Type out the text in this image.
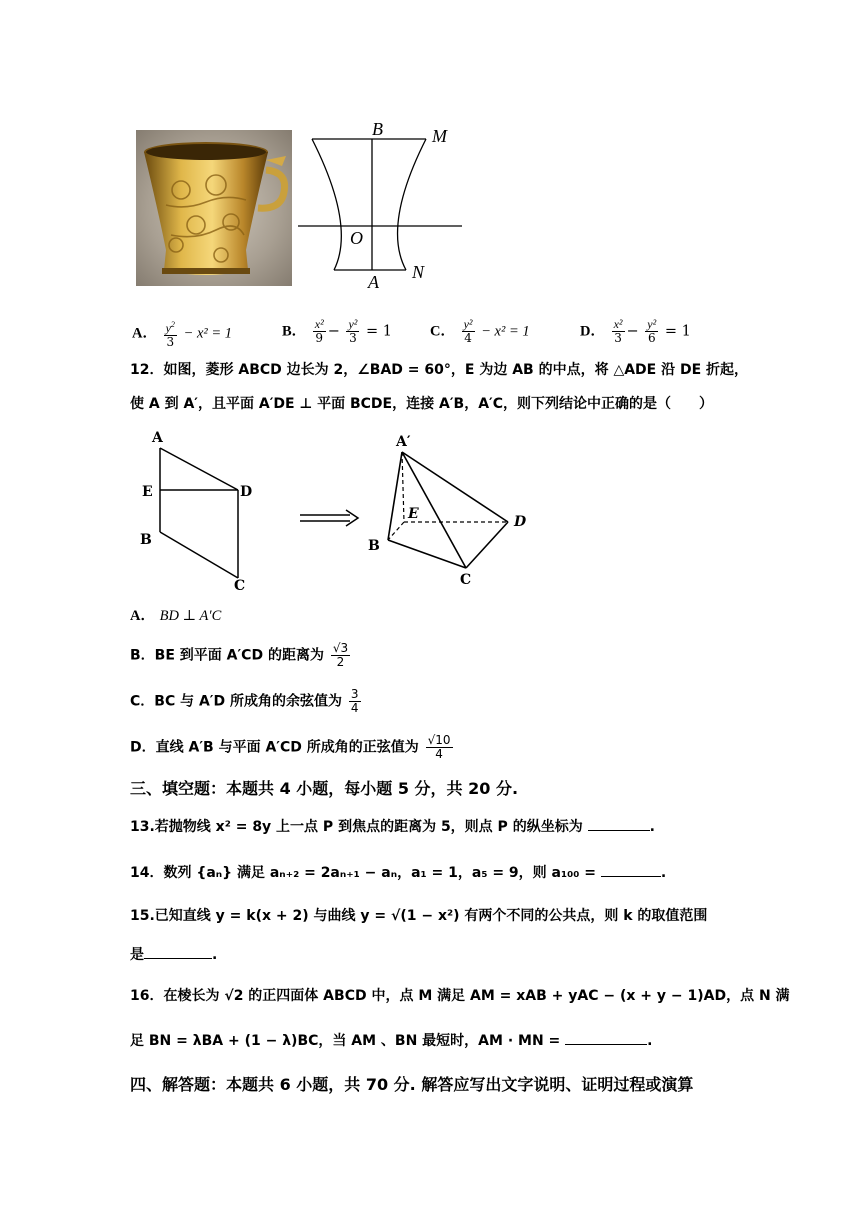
B	M
O
A N
A． $\frac{y^2}{3} - x^2 = 1$	B． $\frac{\text{x²}}{9} - \frac{\text{y²}}{3} = 1$	C． $\frac{\text{y²}}{4} - x^2 = 1$	D． $\frac{\text{x²}}{3} - \frac{\text{y²}}{6} = 1$
12．如图，菱形 ABCD 边长为 2，∠BAD = 60°，E 为边 AB 的中点，将 △ADE 沿 DE 折起，
使 A 到 A′，且平面 A′DE ⊥ 平面 BCDE，连接 A′B，A′C，则下列结论中正确的是（　　）
A
E	D
B
C
A′
E	D
B
C
A． BD ⊥ A′C
B．BE 到平面 A′CD 的距离为 $\frac{√3}{2}$
C．BC 与 A′D 所成角的余弦值为 $\frac{3}{4}$
D．直线 A′B 与平面 A′CD 所成角的正弦值为 $\frac{√10}{4}$
三、填空题：本题共 4 小题，每小题 5 分，共 20 分.
13.若抛物线 x² = 8y 上一点 P 到焦点的距离为 5，则点 P 的纵坐标为	.
14．数列 {aₙ} 满足 aₙ₊₂ = 2aₙ₊₁ − aₙ，a₁ = 1，a₅ = 9，则 a₁₀₀ =	.
15.已知直线 y = k(x + 2) 与曲线 y = √(1 − x²) 有两个不同的公共点，则 k 的取值范围
是	.
16．在棱长为 √2 的正四面体 ABCD 中，点 M 满足 AM = xAB + yAC − (x + y − 1)AD，点 N 满
足 BN = λBA + (1 − λ)BC，当 AM 、BN 最短时，AM · MN =	.
四、解答题：本题共 6 小题，共 70 分. 解答应写出文字说明、证明过程或演算
